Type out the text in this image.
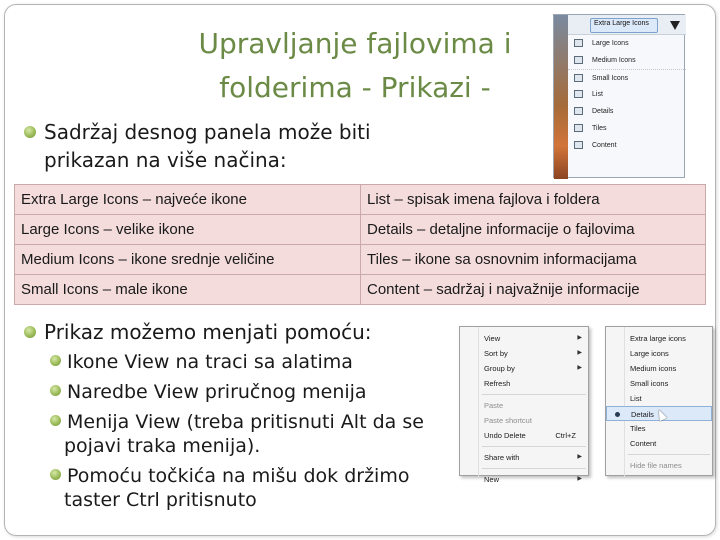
Upravljanje fajlovima i
folderima - Prikazi -
Extra Large Icons
Large Icons
Medium Icons
Small Icons
List
Details
Tiles
Content
Sadržaj desnog panela može biti
prikazan na više načina:
Extra Large Icons – najveće ikone	List – spisak imena fajlova i foldera
Large Icons – velike ikone	Details – detaljne informacije o fajlovima
Medium Icons – ikone srednje veličine	Tiles – ikone sa osnovnim informacijama
Small Icons – male ikone	Content – sadržaj i najvažnije informacije
Prikaz možemo menjati pomoću:
Ikone View na traci sa alatima
Naredbe View priručnog menija
Menija View (treba pritisnuti Alt da se
pojavi traka menija).
Pomoću točkića na mišu dok držimo
taster Ctrl pritisnuto
View	▶
Sort by	▶
Group by	▶
Refresh
Paste
Paste shortcut
Undo Delete	Ctrl+Z
Share with	▶
New	▶
Extra large icons
Large icons
Medium icons
Small icons
List
Details
Tiles
Content
Hide file names
